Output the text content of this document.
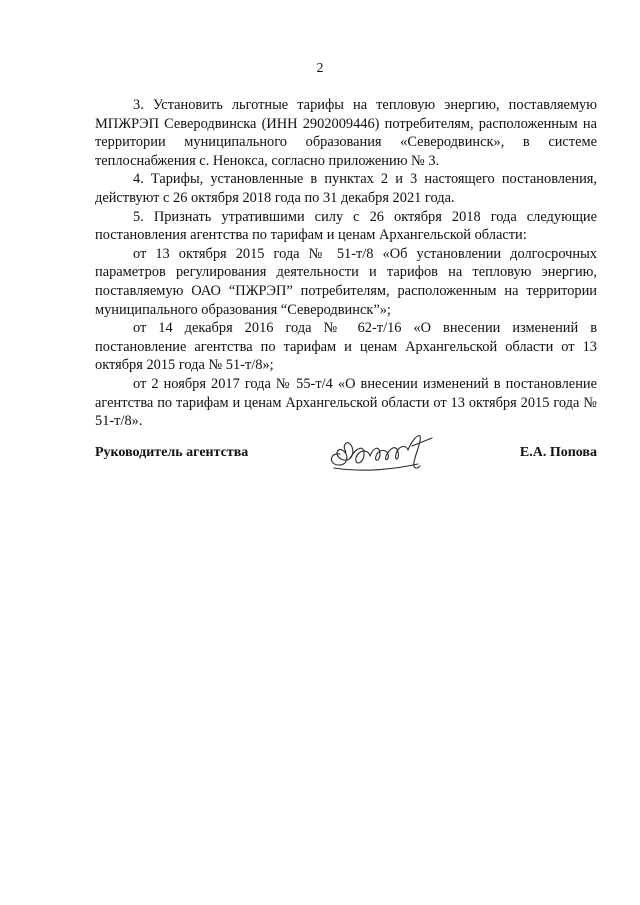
2

3. Установить льготные тарифы на тепловую энергию, поставляемую МПЖРЭП Северодвинска (ИНН 2902009446) потребителям, расположенным на территории муниципального образования «Северодвинск», в системе теплоснабжения с. Ненокса, согласно приложению № 3.

4. Тарифы, установленные в пунктах 2 и 3 настоящего постановления, действуют с 26 октября 2018 года по 31 декабря 2021 года.

5. Признать утратившими силу с 26 октября 2018 года следующие постановления агентства по тарифам и ценам Архангельской области:

от 13 октября 2015 года № 51-т/8 «Об установлении долгосрочных параметров регулирования деятельности и тарифов на тепловую энергию, поставляемую ОАО “ПЖРЭП” потребителям, расположенным на территории муниципального образования “Северодвинск”»;

от 14 декабря 2016 года № 62-т/16 «О внесении изменений в постановление агентства по тарифам и ценам Архангельской области от 13 октября 2015 года № 51-т/8»;

от 2 ноября 2017 года № 55-т/4 «О внесении изменений в постановление агентства по тарифам и ценам Архангельской области от 13 октября 2015 года № 51-т/8».

Руководитель агентства	Е.А. Попова
